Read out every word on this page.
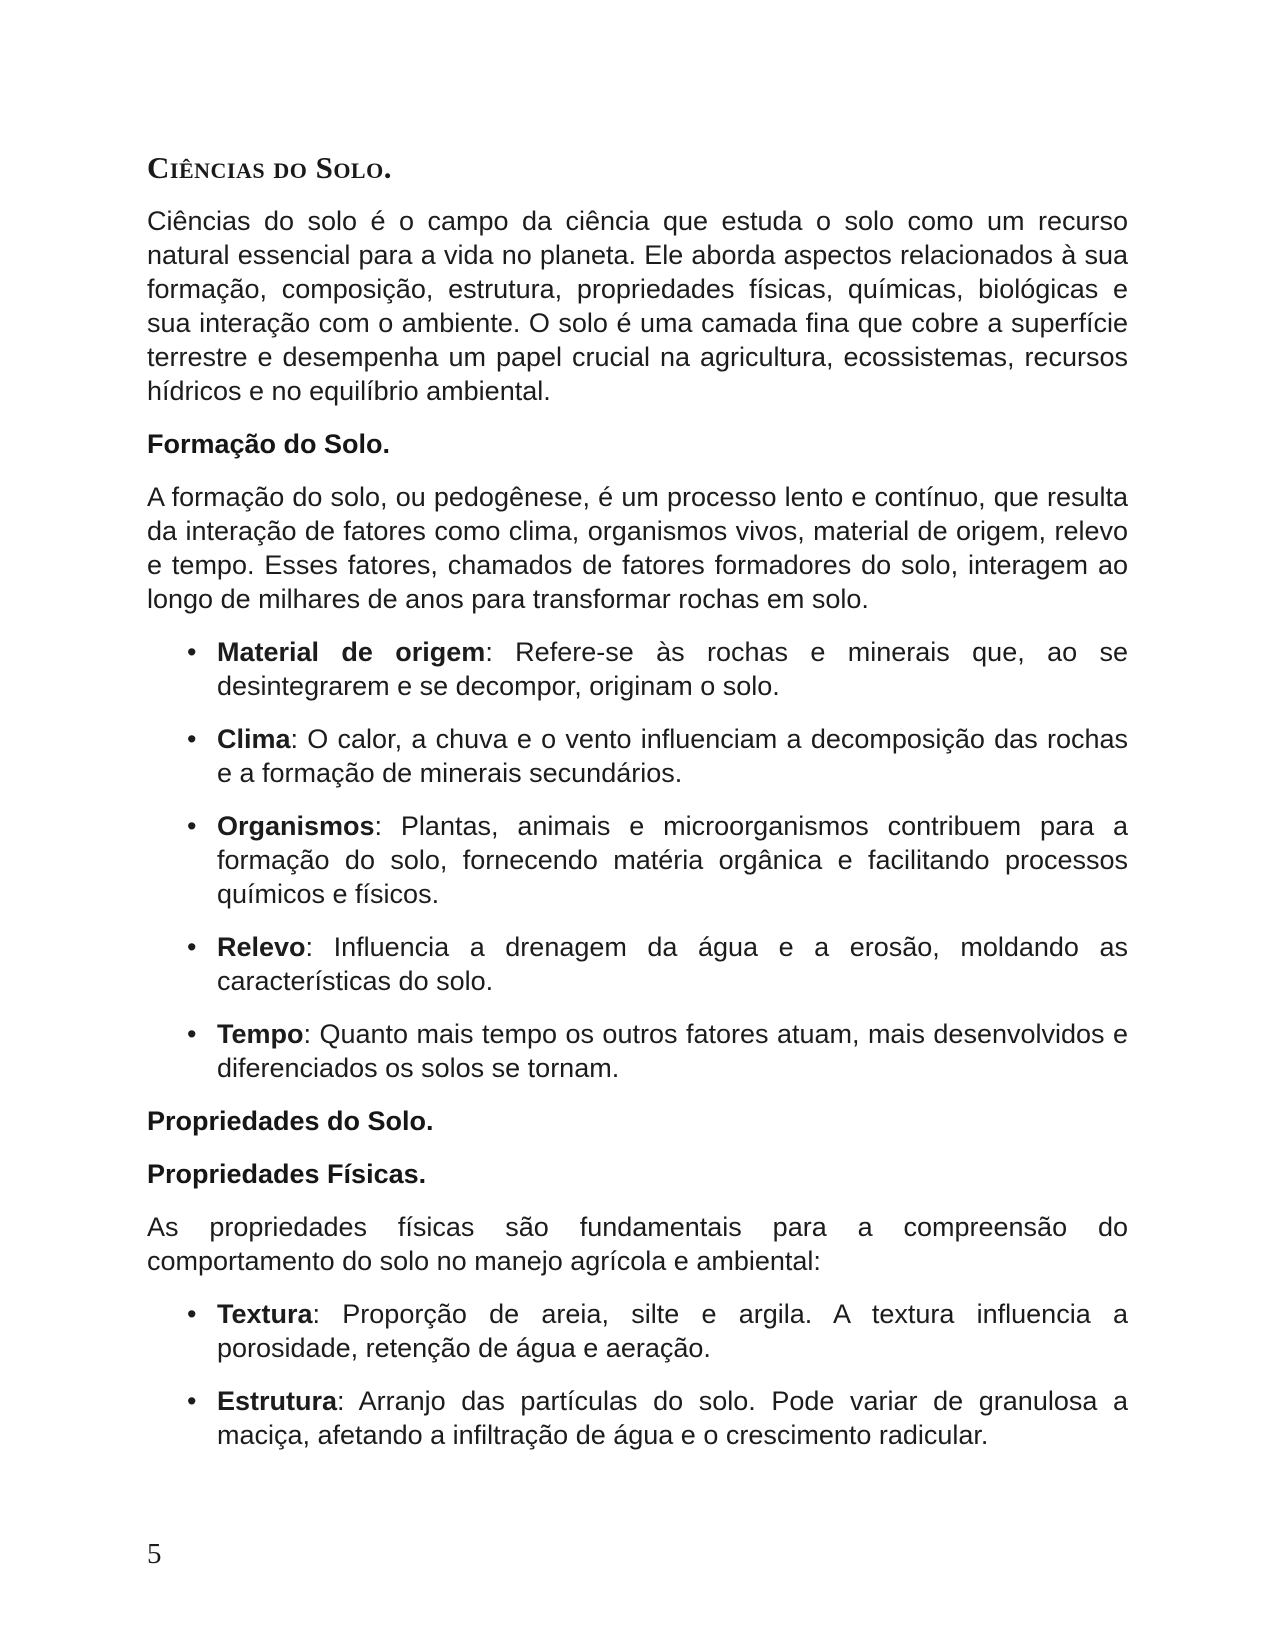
Ciências do Solo.

Ciências do solo é o campo da ciência que estuda o solo como um recurso natural essencial para a vida no planeta. Ele aborda aspectos relacionados à sua formação, composição, estrutura, propriedades físicas, químicas, biológicas e sua interação com o ambiente. O solo é uma camada fina que cobre a superfície terrestre e desempenha um papel crucial na agricultura, ecossistemas, recursos hídricos e no equilíbrio ambiental.

Formação do Solo.

A formação do solo, ou pedogênese, é um processo lento e contínuo, que resulta da interação de fatores como clima, organismos vivos, material de origem, relevo e tempo. Esses fatores, chamados de fatores formadores do solo, interagem ao longo de milhares de anos para transformar rochas em solo.

• Material de origem: Refere-se às rochas e minerais que, ao se desintegrarem e se decompor, originam o solo.
• Clima: O calor, a chuva e o vento influenciam a decomposição das rochas e a formação de minerais secundários.
• Organismos: Plantas, animais e microorganismos contribuem para a formação do solo, fornecendo matéria orgânica e facilitando processos químicos e físicos.
• Relevo: Influencia a drenagem da água e a erosão, moldando as características do solo.
• Tempo: Quanto mais tempo os outros fatores atuam, mais desenvolvidos e diferenciados os solos se tornam.
Propriedades do Solo.
Propriedades Físicas.

As propriedades físicas são fundamentais para a compreensão do comportamento do solo no manejo agrícola e ambiental:

• Textura: Proporção de areia, silte e argila. A textura influencia a porosidade, retenção de água e aeração.
• Estrutura: Arranjo das partículas do solo. Pode variar de granulosa a maciça, afetando a infiltração de água e o crescimento radicular.
5
